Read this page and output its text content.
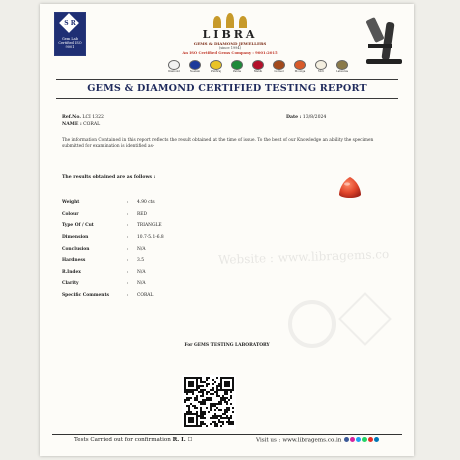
S R
Gem Lab Certified ISO 9001
LIBRA
GEMS & DIAMOND JEWELLERS
(since 1994)
An ISO Certified Gems Company : 9001:2015
Diamond	Neelam	Pukhraj	Panna	Manik	Gomed	Moonga	Moti	Lahsunia
GEMS & DIAMOND CERTIFIED TESTING REPORT
Ref.No. LCI 1322
NAME : CORAL
Date : 13/8/2024
The information Contained in this report reflects the result obtained at the time of issue. To the best of our Knowledge an ability the specimen submitted for examination is identified as-
The results obtained are as follows :
Weight	:	4.90 cts
Colour	:	RED
Type Of / Cut	:	TRIANGLE
Dimension	:	10.7-5.1-6.8
Conclusion	:	N/A
Hardness	:	3.5
R.Index	:	N/A
Clarity	:	N/A
Specific Comments	:	CORAL
Website : www.libragems.co
For GEMS TESTING LABORATORY
Tests Carried out for confirmation R. I. ☐	Visit us : www.libragems.co.in
